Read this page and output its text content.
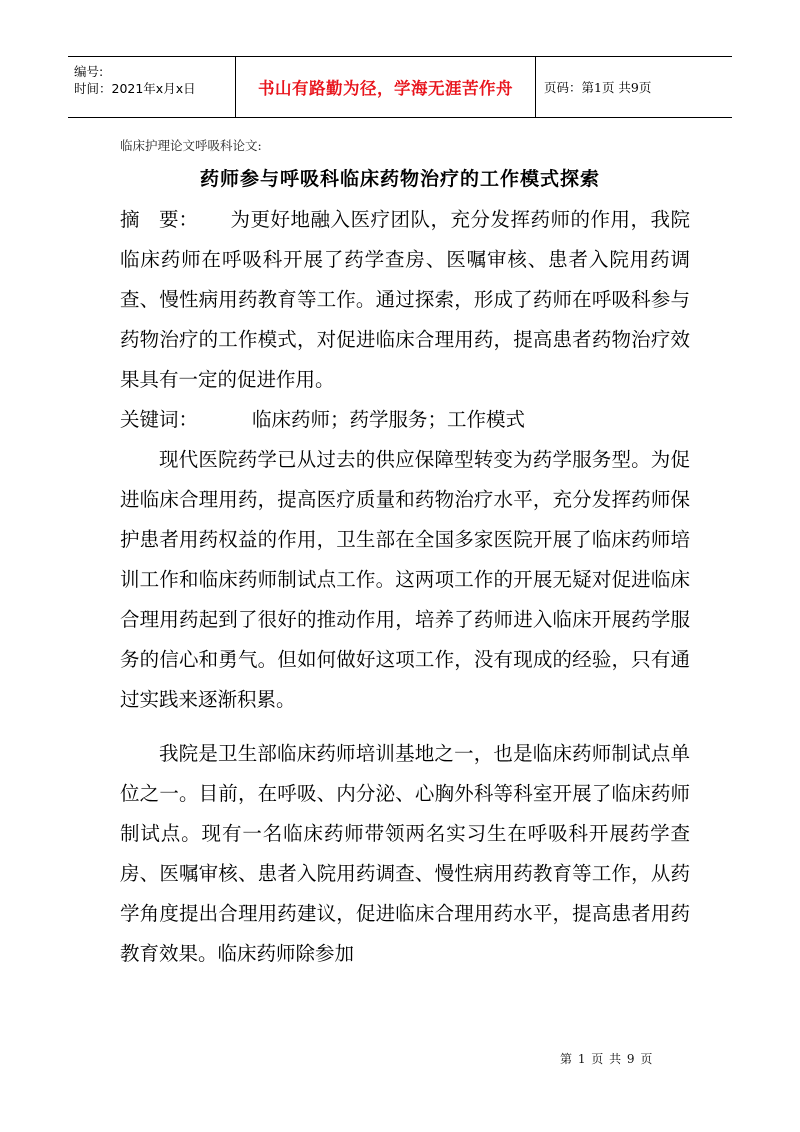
编号:
时间：2021年x月x日	书山有路勤为径，学海无涯苦作舟 页码：第1页 共9页
临床护理论文呼吸科论文:
药师参与呼吸科临床药物治疗的工作模式探索

摘　要： 为更好地融入医疗团队，充分发挥药师的作用，我院临床药师在呼吸科开展了药学查房、医嘱审核、患者入院用药调查、慢性病用药教育等工作。通过探索，形成了药师在呼吸科参与药物治疗的工作模式，对促进临床合理用药，提高患者药物治疗效果具有一定的促进作用。

关键词：	临床药师；药学服务；工作模式

现代医院药学已从过去的供应保障型转变为药学服务型。为促进临床合理用药，提高医疗质量和药物治疗水平，充分发挥药师保护患者用药权益的作用，卫生部在全国多家医院开展了临床药师培训工作和临床药师制试点工作。这两项工作的开展无疑对促进临床合理用药起到了很好的推动作用，培养了药师进入临床开展药学服务的信心和勇气。但如何做好这项工作，没有现成的经验，只有通过实践来逐渐积累。

我院是卫生部临床药师培训基地之一，也是临床药师制试点单位之一。目前，在呼吸、内分泌、心胸外科等科室开展了临床药师制试点。现有一名临床药师带领两名实习生在呼吸科开展药学查房、医嘱审核、患者入院用药调查、慢性病用药教育等工作，从药学角度提出合理用药建议，促进临床合理用药水平，提高患者用药教育效果。临床药师除参加

第 1 页 共 9 页
